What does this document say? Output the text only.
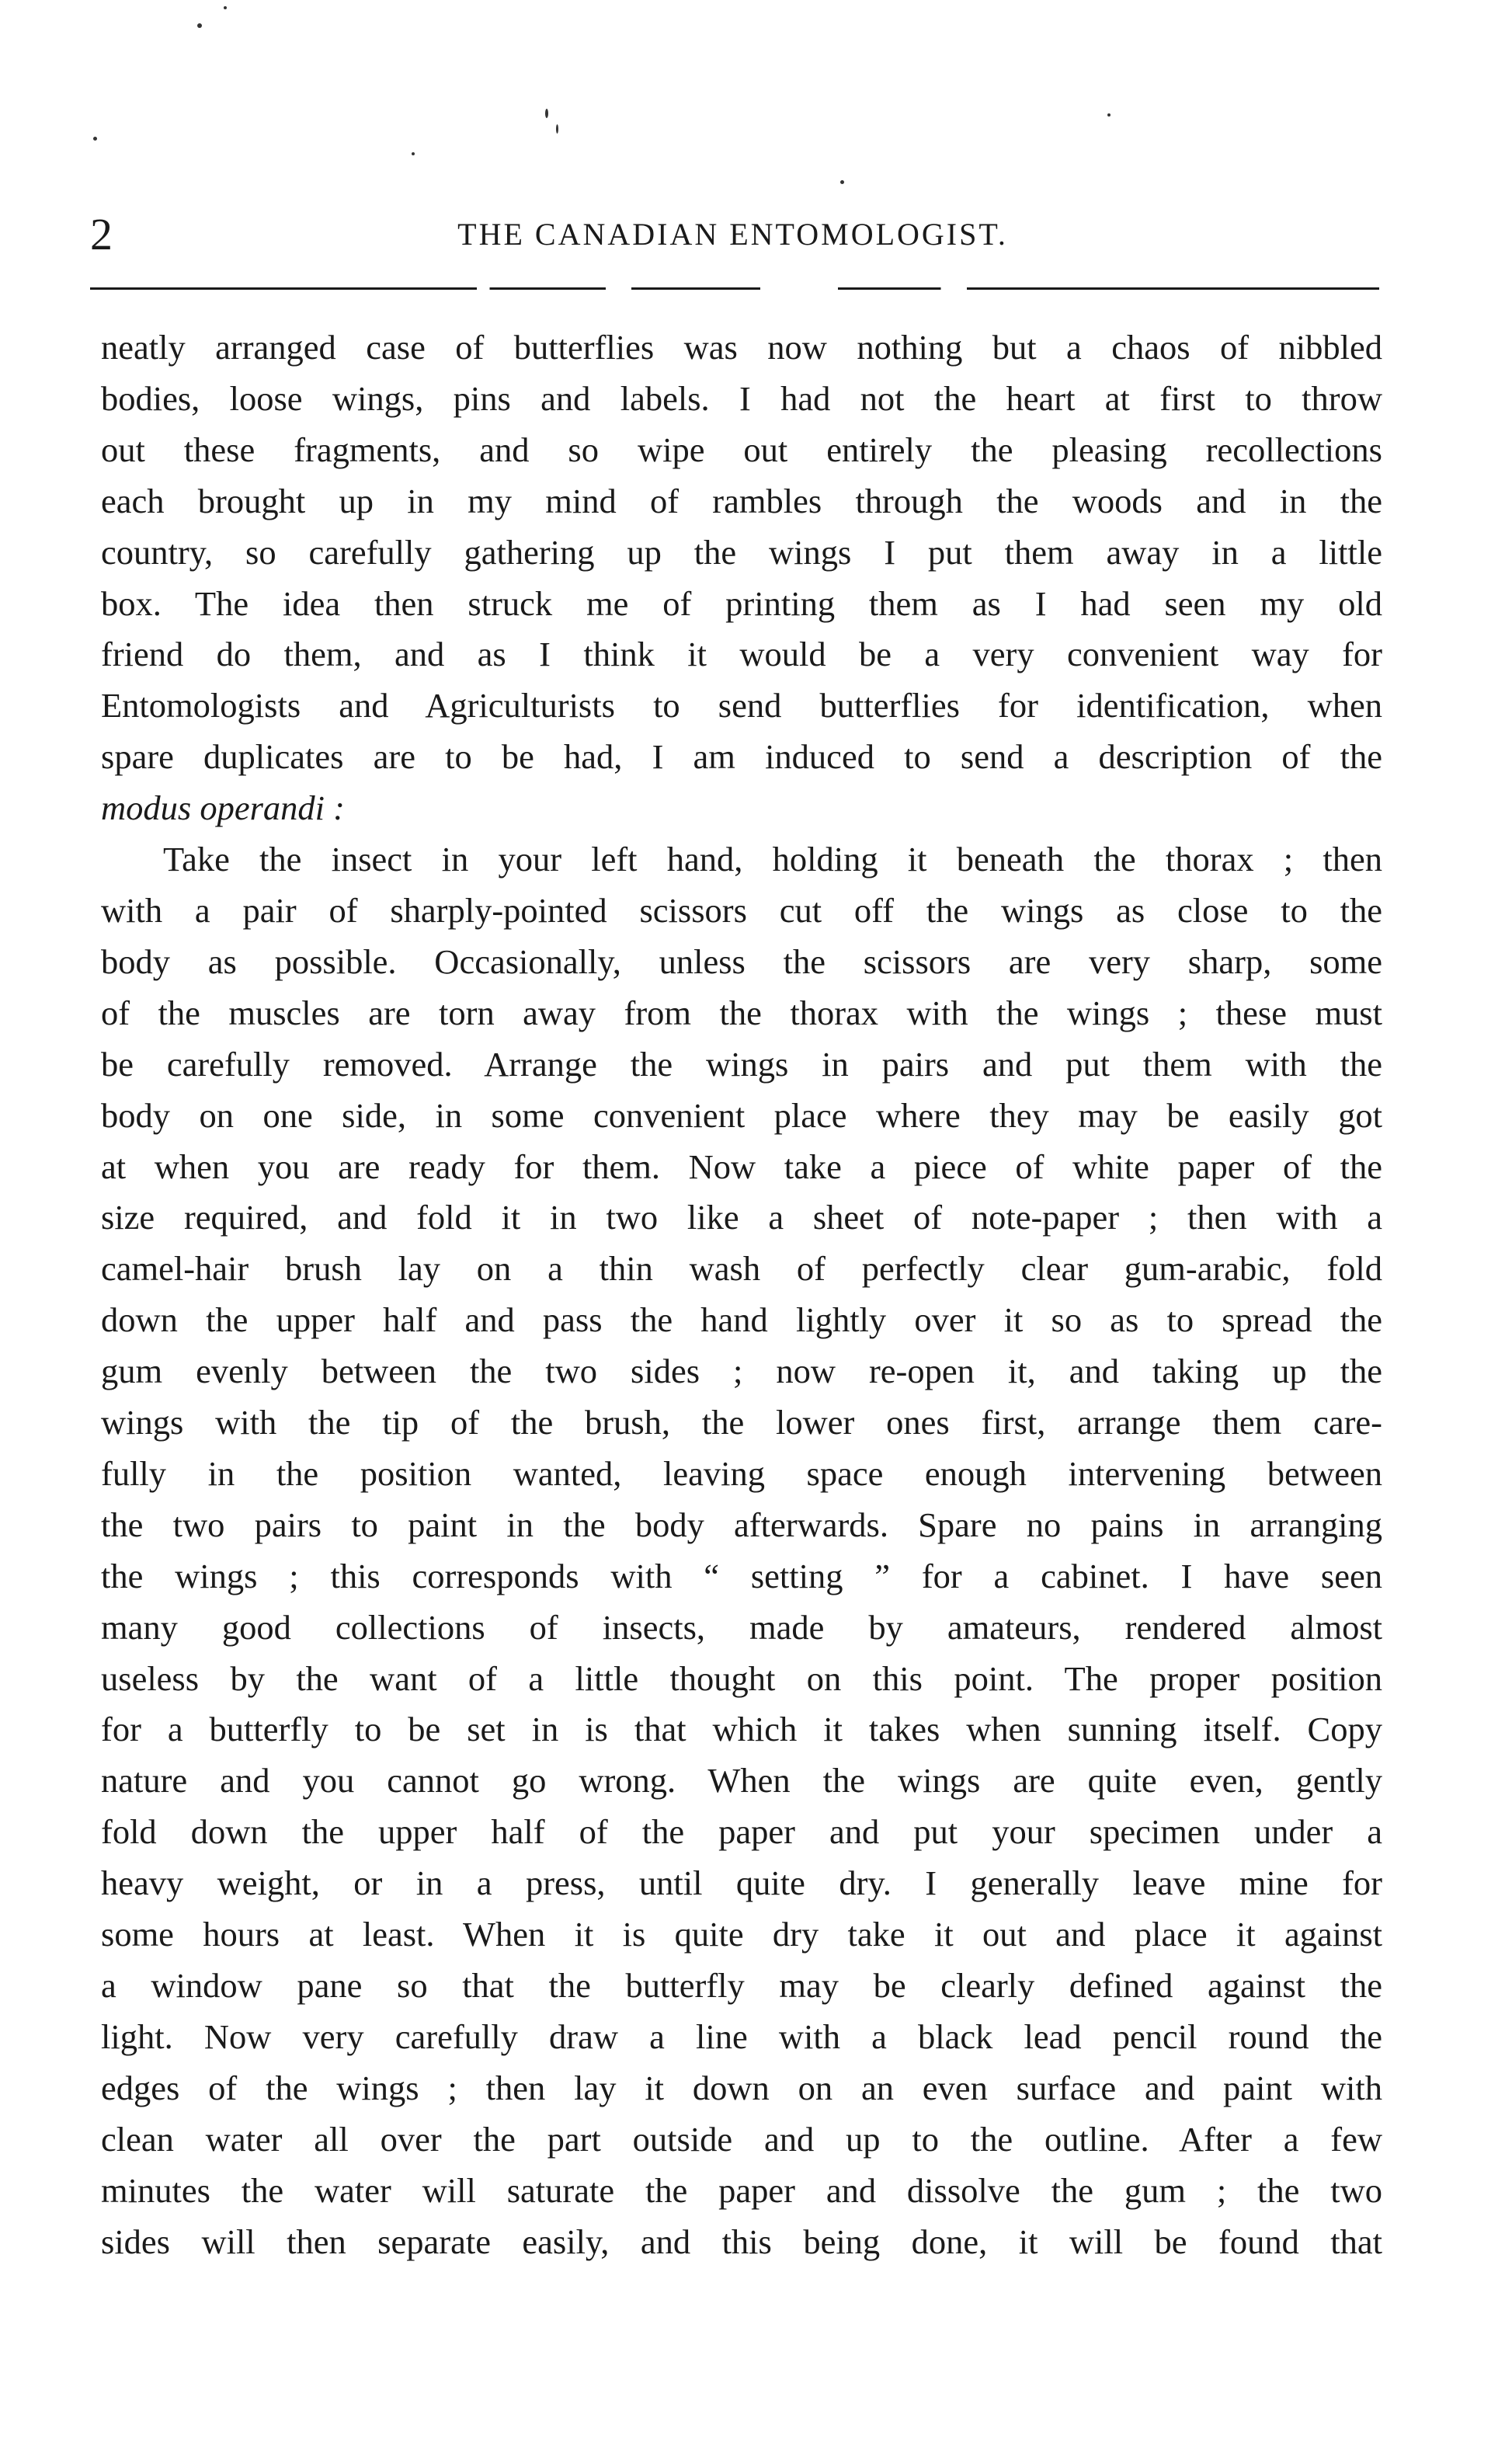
2	THE CANADIAN ENTOMOLOGIST.
neatly arranged case of butterflies was now nothing but a chaos of nibbled
bodies, loose wings, pins and labels. I had not the heart at first to throw
out these fragments, and so wipe out entirely the pleasing recollections
each brought up in my mind of rambles through the woods and in the
country, so carefully gathering up the wings I put them away in a little
box. The idea then struck me of printing them as I had seen my old
friend do them, and as I think it would be a very convenient way for
Entomologists and Agriculturists to send butterflies for identification, when
spare duplicates are to be had, I am induced to send a description of the
modus operandi :
Take the insect in your left hand, holding it beneath the thorax ; then
with a pair of sharply-pointed scissors cut off the wings as close to the
body as possible. Occasionally, unless the scissors are very sharp, some
of the muscles are torn away from the thorax with the wings ; these must
be carefully removed. Arrange the wings in pairs and put them with the
body on one side, in some convenient place where they may be easily got
at when you are ready for them. Now take a piece of white paper of the
size required, and fold it in two like a sheet of note-paper ; then with a
camel-hair brush lay on a thin wash of perfectly clear gum-arabic, fold
down the upper half and pass the hand lightly over it so as to spread the
gum evenly between the two sides ; now re-open it, and taking up the
wings with the tip of the brush, the lower ones first, arrange them care-
fully in the position wanted, leaving space enough intervening between
the two pairs to paint in the body afterwards. Spare no pains in arranging
the wings ; this corresponds with “ setting ” for a cabinet. I have seen
many good collections of insects, made by amateurs, rendered almost
useless by the want of a little thought on this point. The proper position
for a butterfly to be set in is that which it takes when sunning itself. Copy
nature and you cannot go wrong. When the wings are quite even, gently
fold down the upper half of the paper and put your specimen under a
heavy weight, or in a press, until quite dry. I generally leave mine for
some hours at least. When it is quite dry take it out and place it against
a window pane so that the butterfly may be clearly defined against the
light. Now very carefully draw a line with a black lead pencil round the
edges of the wings ; then lay it down on an even surface and paint with
clean water all over the part outside and up to the outline. After a few
minutes the water will saturate the paper and dissolve the gum ; the two
sides will then separate easily, and this being done, it will be found that
